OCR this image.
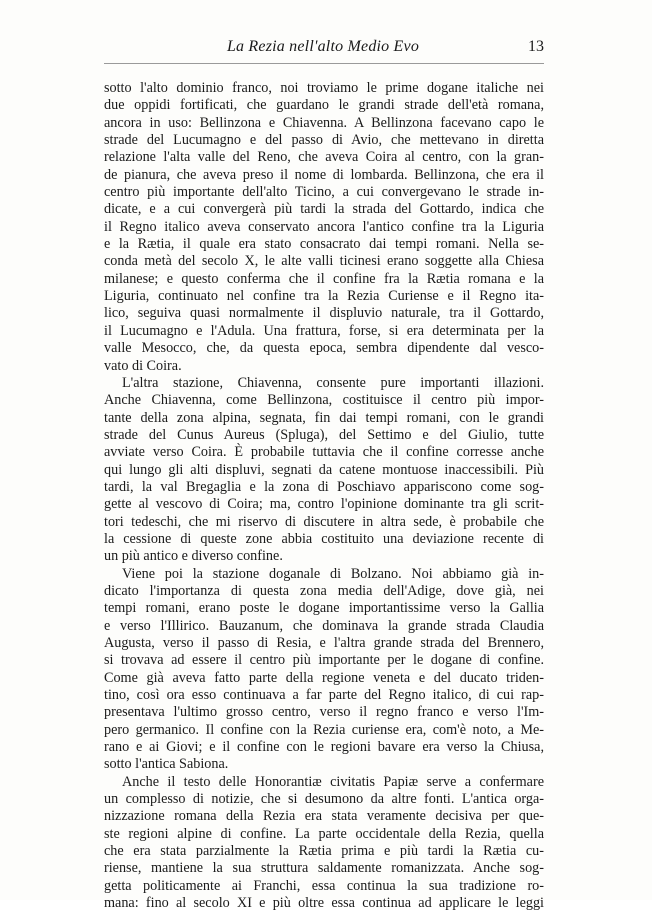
La Rezia nell'alto Medio Evo	13
sotto l'alto dominio franco, noi troviamo le prime dogane italiche nei
due oppidi fortificati, che guardano le grandi strade dell'età romana,
ancora in uso: Bellinzona e Chiavenna. A Bellinzona facevano capo le
strade del Lucumagno e del passo di Avio, che mettevano in diretta
relazione l'alta valle del Reno, che aveva Coira al centro, con la gran-
de pianura, che aveva preso il nome di lombarda. Bellinzona, che era il
centro più importante dell'alto Ticino, a cui convergevano le strade in-
dicate, e a cui convergerà più tardi la strada del Gottardo, indica che
il Regno italico aveva conservato ancora l'antico confine tra la Liguria
e la Rætia, il quale era stato consacrato dai tempi romani. Nella se-
conda metà del secolo X, le alte valli ticinesi erano soggette alla Chiesa
milanese; e questo conferma che il confine fra la Rætia romana e la
Liguria, continuato nel confine tra la Rezia Curiense e il Regno ita-
lico, seguiva quasi normalmente il displuvio naturale, tra il Gottardo,
il Lucumagno e l'Adula. Una frattura, forse, si era determinata per la
valle Mesocco, che, da questa epoca, sembra dipendente dal vesco-
vato di Coira.
L'altra stazione, Chiavenna, consente pure importanti illazioni.
Anche Chiavenna, come Bellinzona, costituisce il centro più impor-
tante della zona alpina, segnata, fin dai tempi romani, con le grandi
strade del Cunus Aureus (Splugа), del Settimo e del Giulio, tutte
avviate verso Coira. È probabile tuttavia che il confine corresse anche
qui lungo gli alti displuvi, segnati da catene montuose inaccessibili. Più
tardi, la val Bregaglia e la zona di Poschiavo appariscono come sog-
gette al vescovo di Coira; ma, contro l'opinione dominante tra gli scrit-
tori tedeschi, che mi riservo di discutere in altra sede, è probabile che
la cessione di queste zone abbia costituito una deviazione recente di
un più antico e diverso confine.
Viene poi la stazione doganale di Bolzano. Noi abbiamo già in-
dicato l'importanza di questa zona media dell'Adige, dove già, nei
tempi romani, erano poste le dogane importantissime verso la Gallia
e verso l'Illirico. Bauzanum, che dominava la grande strada Claudia
Augusta, verso il passo di Resia, e l'altra grande strada del Brennero,
si trovava ad essere il centro più importante per le dogane di confine.
Come già aveva fatto parte della regione veneta e del ducato triden-
tino, così ora esso continuava a far parte del Regno italico, di cui rap-
presentava l'ultimo grosso centro, verso il regno franco e verso l'Im-
pero germanico. Il confine con la Rezia curiense era, com'è noto, a Me-
rano e ai Giovi; e il confine con le regioni bavare era verso la Chiusa,
sotto l'antica Sabiona.
Anche il testo delle Honorantiæ civitatis Papiæ serve a confermare
un complesso di notizie, che si desumono da altre fonti. L'antica orga-
nizzazione romana della Rezia era stata veramente decisiva per que-
ste regioni alpine di confine. La parte occidentale della Rezia, quella
che era stata parzialmente la Rætia prima e più tardi la Rætia cu-
riense, mantiene la sua struttura saldamente romanizzata. Anche sog-
getta politicamente ai Franchi, essa continua la sua tradizione ro-
mana: fino al secolo XI e più oltre essa continua ad applicare le leggi
